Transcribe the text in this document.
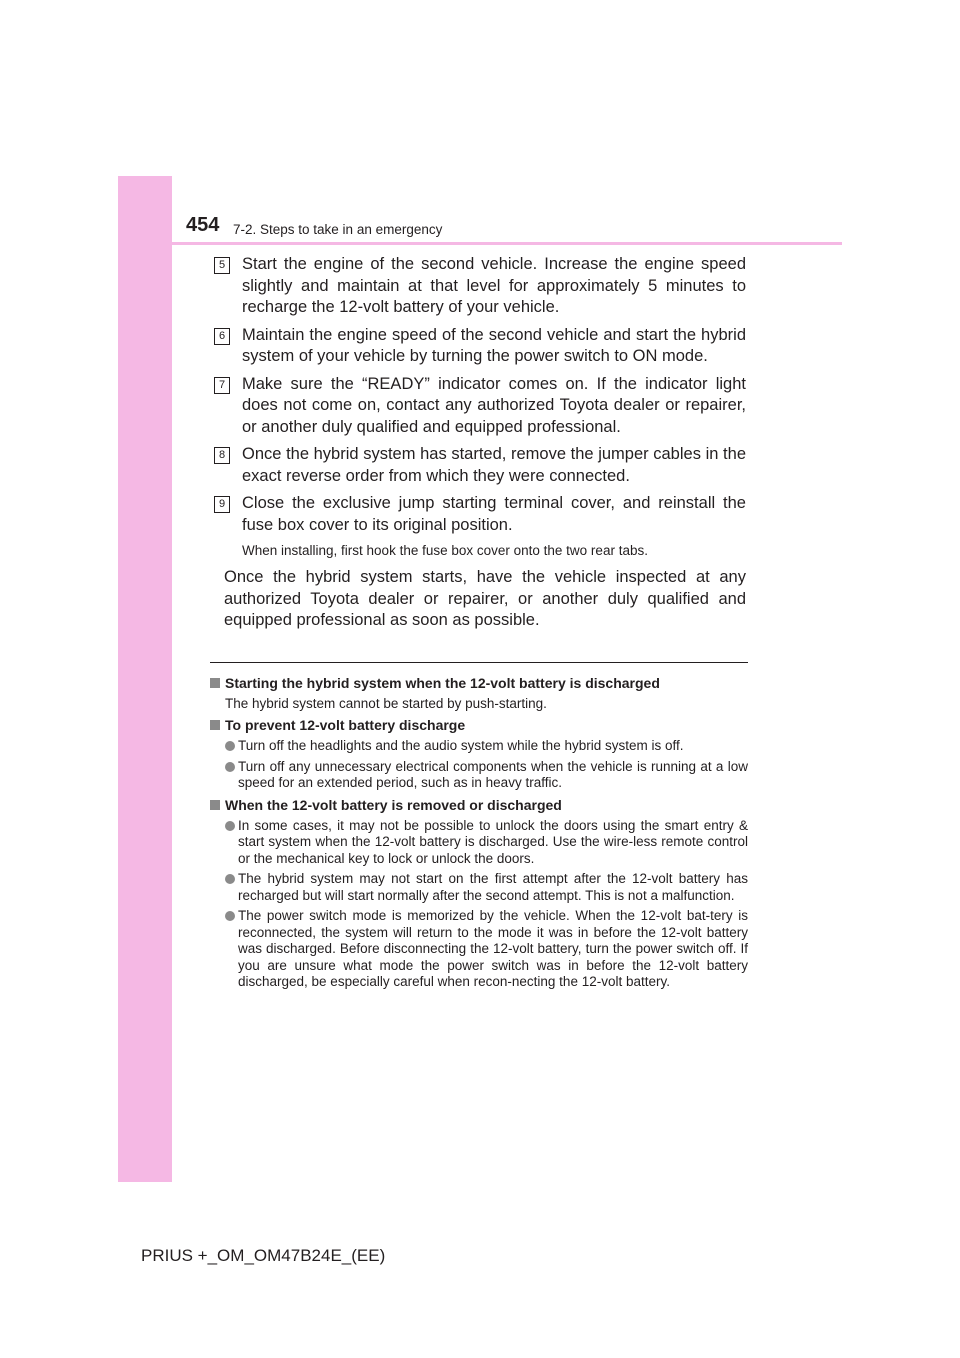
454 7-2. Steps to take in an emergency
5 Start the engine of the second vehicle. Increase the engine speed slightly and maintain at that level for approximately 5 minutes to recharge the 12-volt battery of your vehicle.
6 Maintain the engine speed of the second vehicle and start the hybrid system of your vehicle by turning the power switch to ON mode.
7 Make sure the “READY” indicator comes on. If the indicator light does not come on, contact any authorized Toyota dealer or repairer, or another duly qualified and equipped professional.
8 Once the hybrid system has started, remove the jumper cables in the exact reverse order from which they were connected.
9 Close the exclusive jump starting terminal cover, and reinstall the fuse box cover to its original position.
When installing, first hook the fuse box cover onto the two rear tabs.
Once the hybrid system starts, have the vehicle inspected at any authorized Toyota dealer or repairer, or another duly qualified and equipped professional as soon as possible.
Starting the hybrid system when the 12-volt battery is discharged
The hybrid system cannot be started by push-starting.
To prevent 12-volt battery discharge
Turn off the headlights and the audio system while the hybrid system is off.
Turn off any unnecessary electrical components when the vehicle is running at a low speed for an extended period, such as in heavy traffic.
When the 12-volt battery is removed or discharged
In some cases, it may not be possible to unlock the doors using the smart entry & start system when the 12-volt battery is discharged. Use the wire-less remote control or the mechanical key to lock or unlock the doors.
The hybrid system may not start on the first attempt after the 12-volt battery has recharged but will start normally after the second attempt. This is not a malfunction.
The power switch mode is memorized by the vehicle. When the 12-volt bat-tery is reconnected, the system will return to the mode it was in before the 12-volt battery was discharged. Before disconnecting the 12-volt battery, turn the power switch off. If you are unsure what mode the power switch was in before the 12-volt battery discharged, be especially careful when recon-necting the 12-volt battery.
PRIUS +_OM_OM47B24E_(EE)
